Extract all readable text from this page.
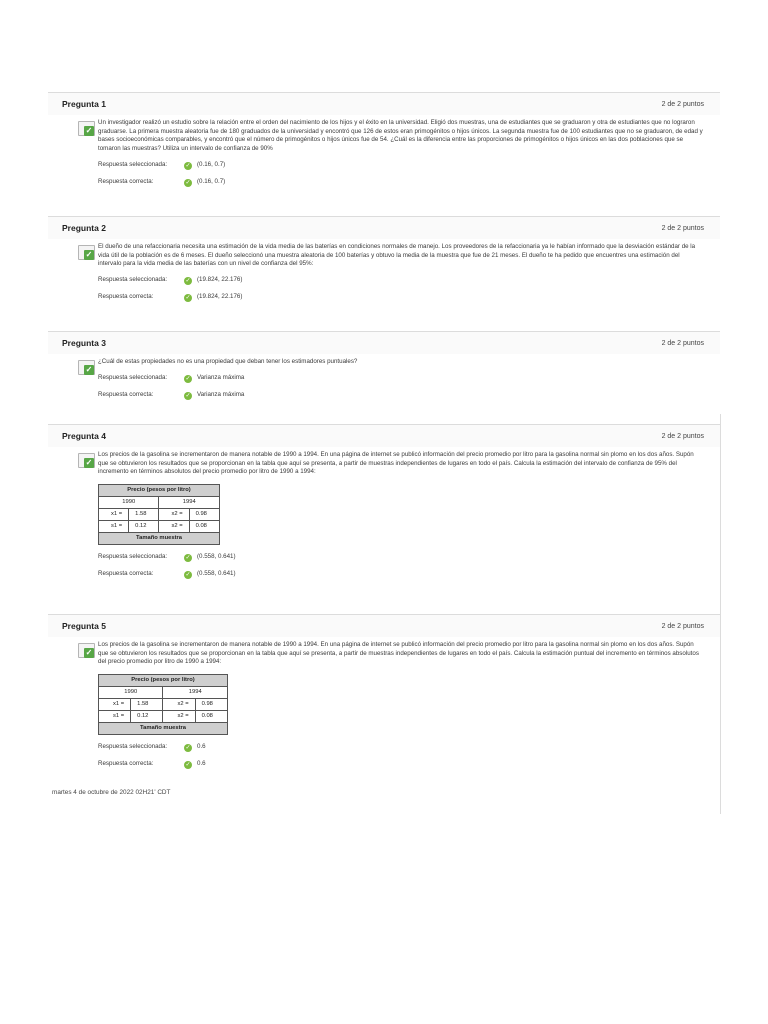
Pregunta 1	2 de 2 puntos
✓

Un investigador realizó un estudio sobre la relación entre el orden del nacimiento de los hijos y el éxito en la universidad. Eligió dos muestras, una de estudiantes que se graduaron y otra de estudiantes que no lograron graduarse. La primera muestra aleatoria fue de 180 graduados de la universidad y encontró que 126 de estos eran primogénitos o hijos únicos. La segunda muestra fue de 100 estudiantes que no se graduaron, de edad y bases socioeconómicas comparables, y encontró que el número de primogénitos o hijos únicos fue de 54. ¿Cuál es la diferencia entre las proporciones de primogénitos o hijos únicos en las dos poblaciones que se tomaron las muestras? Utiliza un intervalo de confianza de 90%

Respuesta seleccionada:	✓ (0.16, 0.7)
Respuesta correcta:	✓ (0.16, 0.7)
Pregunta 2	2 de 2 puntos
✓

El dueño de una refaccionaria necesita una estimación de la vida media de las baterías en condiciones normales de manejo. Los proveedores de la refaccionaria ya le habían informado que la desviación estándar de la vida útil de la población es de 6 meses. El dueño seleccionó una muestra aleatoria de 100 baterías y obtuvo la media de la muestra que fue de 21 meses. El dueño te ha pedido que encuentres una estimación del intervalo para la vida media de las baterías con un nivel de confianza del 95%:

Respuesta seleccionada:	✓ (19.824, 22.176)
Respuesta correcta:	✓ (19.824, 22.176)
Pregunta 3	2 de 2 puntos
✓

¿Cuál de estas propiedades no es una propiedad que deban tener los estimadores puntuales?

Respuesta seleccionada:	✓ Varianza máxima
Respuesta correcta:	✓ Varianza máxima
Pregunta 4	2 de 2 puntos
✓

Los precios de la gasolina se incrementaron de manera notable de 1990 a 1994. En una página de internet se publicó información del precio promedio por litro para la gasolina normal sin plomo en los dos años. Supón que se obtuvieron los resultados que se proporcionan en la tabla que aquí se presenta, a partir de muestras independientes de lugares en todo el país. Calcula la estimación del intervalo de confianza de 95% del incremento en términos absolutos del precio promedio por litro de 1990 a 1994:

Precio (pesos por litro)			
1990		1994	
x1 =	1.58	x2 =	0.98
s1 =	0.12	s2 =	0.08
Tamaño muestra			
Respuesta seleccionada:	✓ (0.558, 0.641)
Respuesta correcta:	✓ (0.558, 0.641)
Pregunta 5	2 de 2 puntos
✓

Los precios de la gasolina se incrementaron de manera notable de 1990 a 1994. En una página de internet se publicó información del precio promedio por litro para la gasolina normal sin plomo en los dos años. Supón que se obtuvieron los resultados que se proporcionan en la tabla que aquí se presenta, a partir de muestras independientes de lugares en todo el país. Calcula la estimación puntual del incremento en términos absolutos del precio promedio por litro de 1990 a 1994:

Precio (pesos por litro)			
1990		1994	
x1 =	1.58	x2 =	0.98
s1 =	0.12	s2 =	0.08
Tamaño muestra			
Respuesta seleccionada:	✓ 0.6
Respuesta correcta:	✓ 0.6
martes 4 de octubre de 2022 02H21' CDT
